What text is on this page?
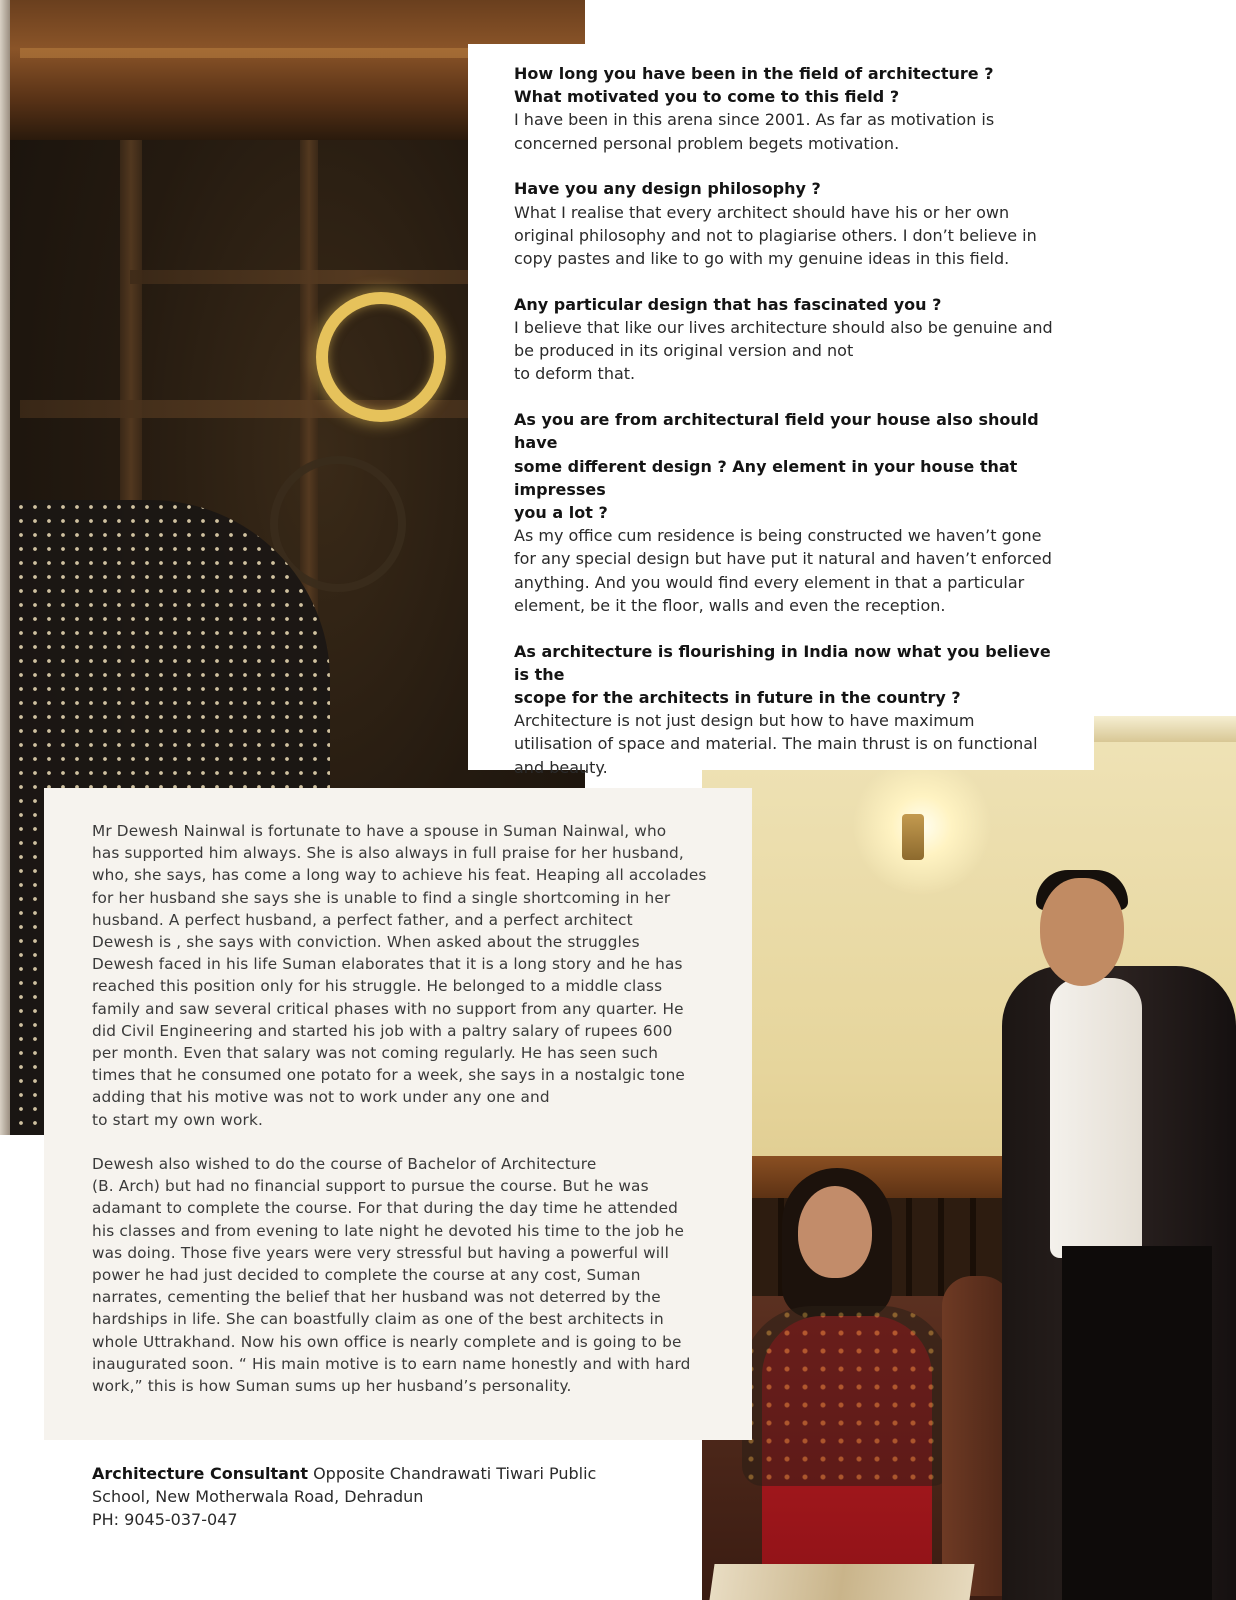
How long you have been in the field of architecture ?
What motivated you to come to this field ?

I have been in this arena since 2001. As far as motivation is
concerned personal problem begets motivation.

Have you any design philosophy ?

What I realise that every architect should have his or her own
original philosophy and not to plagiarise others. I don’t believe in
copy pastes and like to go with my genuine ideas in this field.

Any particular design that has fascinated you ?

I believe that like our lives architecture should also be genuine and
be produced in its original version and not
to deform that.

As you are from architectural field your house also should have
some different design ? Any element in your house that impresses
you a lot ?

As my office cum residence is being constructed we haven’t gone
for any special design but have put it natural and haven’t enforced
anything. And you would find every element in that a particular
element, be it the floor, walls and even the reception.

As architecture is flourishing in India now what you believe is the
scope for the architects in future in the country ?

Architecture is not just design but how to have maximum
utilisation of space and material. The main thrust is on functional
and beauty.

Mr Dewesh Nainwal is fortunate to have a spouse in Suman Nainwal, who
has supported him always. She is also always in full praise for her husband,
who, she says, has come a long way to achieve his feat. Heaping all accolades
for her husband she says she is unable to find a single shortcoming in her
husband. A perfect husband, a perfect father, and a perfect architect
Dewesh is , she says with conviction. When asked about the struggles
Dewesh faced in his life Suman elaborates that it is a long story and he has
reached this position only for his struggle. He belonged to a middle class
family and saw several critical phases with no support from any quarter. He
did Civil Engineering and started his job with a paltry salary of rupees 600
per month. Even that salary was not coming regularly. He has seen such
times that he consumed one potato for a week, she says in a nostalgic tone
adding that his motive was not to work under any one and
to start my own work.

Dewesh also wished to do the course of Bachelor of Architecture
(B. Arch) but had no financial support to pursue the course. But he was
adamant to complete the course. For that during the day time he attended
his classes and from evening to late night he devoted his time to the job he
was doing. Those five years were very stressful but having a powerful will
power he had just decided to complete the course at any cost, Suman
narrates, cementing the belief that her husband was not deterred by the
hardships in life. She can boastfully claim as one of the best architects in
whole Uttrakhand. Now his own office is nearly complete and is going to be
inaugurated soon. “ His main motive is to earn name honestly and with hard
work,” this is how Suman sums up her husband’s personality.

Architecture Consultant Opposite Chandrawati Tiwari Public
School, New Motherwala Road, Dehradun
PH: 9045-037-047
